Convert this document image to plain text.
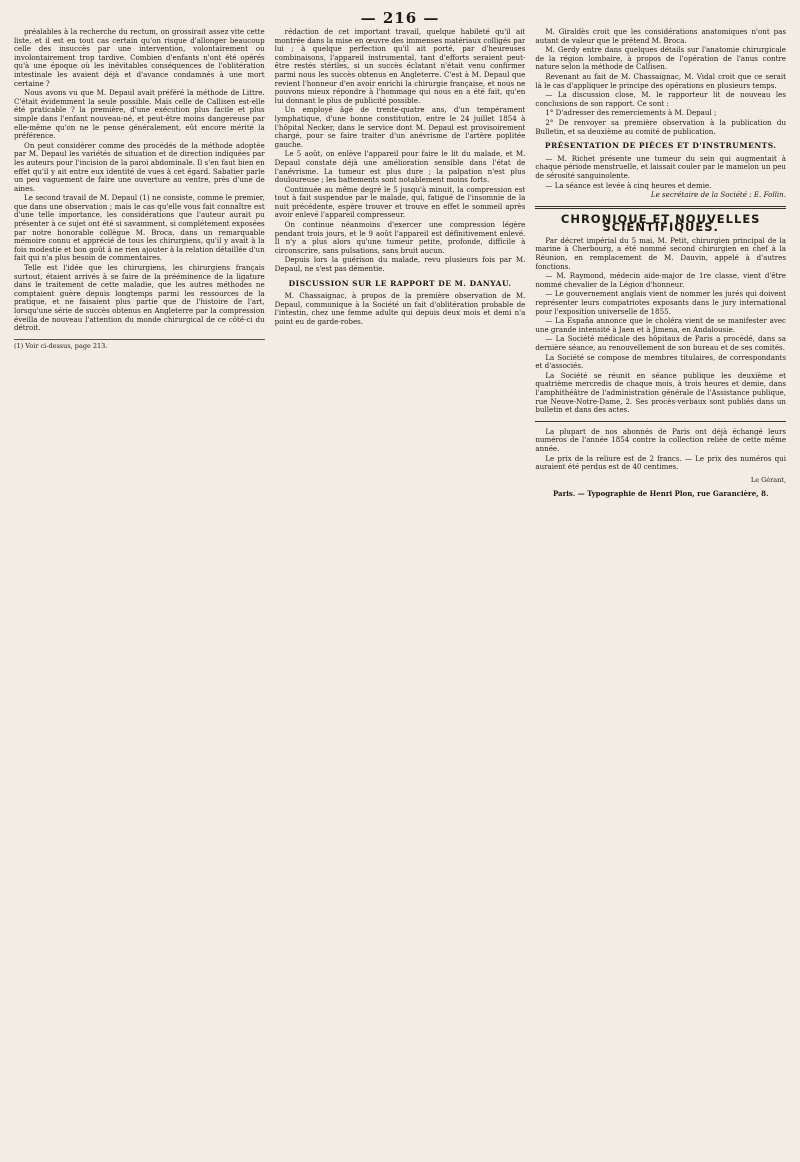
— 216 —

préalables à la recherche du rectum, on grossirait assez vite cette liste, et il est en tout cas certain qu'on risque d'allonger beaucoup celle des insuccès par une intervention, volontairement ou involontairement trop tardive. Combien d'enfants n'ont été opérés qu'à une époque où les inévitables conséquences de l'oblitération intestinale les avaient déjà et d'avance condamnés à une mort certaine ?

Nous avons vu que M. Depaul avait préféré la méthode de Littre. C'était évidemment la seule possible. Mais celle de Callisen est-elle été praticable ? la première, d'une exécution plus facile et plus simple dans l'enfant nouveau-né, et peut-être moins dangereuse par elle-même qu'on ne le pense généralement, eût encore mérité la préférence.

On peut considérer comme des procédés de la méthode adoptée par M. Depaul les variétés de situation et de direction indiquées par les auteurs pour l'incision de la paroi abdominale. Il s'en faut bien en effet qu'il y ait entre eux identité de vues à cet égard. Sabatier parle un peu vaguement de faire une ouverture au ventre, près d'une de aines.

Le second travail de M. Depaul (1) ne consiste, comme le premier, que dans une observation ; mais le cas qu'elle vous fait connaître est d'une telle importance, les considérations que l'auteur aurait pu présenter à ce sujet ont été si savamment, si complétement exposées par notre honorable collègue M. Broca, dans un remarquable mémoire connu et apprécié de tous les chirurgiens, qu'il y avait à la fois modestie et bon goût à ne rien ajouter à la relation détaillée d'un fait qui n'a plus besoin de commentaires.

Telle est l'idée que les chirurgiens, les chirurgiens français surtout, étaient arrivés à se faire de la prééminence de la ligature dans le traitement de cette maladie, que les autres méthodes ne comptaient guère depuis longtemps parmi les ressources de la pratique, et ne faisaient plus partie que de l'histoire de l'art, lorsqu'une série de succès obtenus en Angleterre par la compression éveilla de nouveau l'attention du monde chirurgical de ce côté-ci du détroit.

(1) Voir ci-dessus, page 213.

rédaction de cet important travail, quelque habileté qu'il ait montrée dans la mise en œuvre des immenses matériaux colligés par lui ; à quelque perfection qu'il ait porté, par d'heureuses combinaisons, l'appareil instrumental, tant d'efforts seraient peut-être restés stériles, si un succès éclatant n'était venu confirmer parmi nous les succès obtenus en Angleterre. C'est à M. Depaul que revient l'honneur d'en avoir enrichi la chirurgie française, et nous ne pouvons mieux répondre à l'hommage qui nous en a été fait, qu'en lui donnant le plus de publicité possible.

Un employé âgé de trente-quatre ans, d'un tempérament lymphatique, d'une bonne constitution, entre le 24 juillet 1854 à l'hôpital Necker, dans le service dont M. Depaul est provisoirement chargé, pour se faire traiter d'un anévrisme de l'artère poplitée gauche.

Le 5 août, on enlève l'appareil pour faire le lit du malade, et M. Depaul constate déjà une amélioration sensible dans l'état de l'anévrisme. La tumeur est plus dure ; la palpation n'est plus douloureuse ; les battements sont notablement moins forts.

Continuée au même degré le 5 jusqu'à minuit, la compression est tout à fait suspendue par le malade, qui, fatigué de l'insomnie de la nuit précédente, espère trouver et trouve en effet le sommeil après avoir enlevé l'appareil compresseur.

On continue néanmoins d'exercer une compression légère pendant trois jours, et le 9 août l'appareil est définitivement enlevé. Il n'y a plus alors qu'une tumeur petite, profonde, difficile à circonscrire, sans pulsations, sans bruit aucun.

Depuis lors la guérison du malade, revu plusieurs fois par M. Depaul, ne s'est pas démentie.

DISCUSSION SUR LE RAPPORT DE M. DANYAU.

M. Chassaignac, à propos de la première observation de M. Depaul, communique à la Société un fait d'oblitération probable de l'intestin, chez une femme adulte qui depuis deux mois et demi n'a point eu de garde-robes.

M. Giraldès croit que les considérations anatomiques n'ont pas autant de valeur que le prétend M. Broca.

M. Gerdy entre dans quelques détails sur l'anatomie chirurgicale de la région lombaire, à propos de l'opération de l'anus contre nature selon la méthode de Callisen.

Revenant au fait de M. Chassaignac, M. Vidal croit que ce serait là le cas d'appliquer le principe des opérations en plusieurs temps.

— La discussion close, M. le rapporteur lit de nouveau les conclusions de son rapport. Ce sont :

1° D'adresser des remerciements à M. Depaul ;

2° De renvoyer sa première observation à la publication du Bulletin, et sa deuxième au comité de publication.

PRÉSENTATION DE PIÈCES ET D'INSTRUMENTS.

— M. Richet présente une tumeur du sein qui augmentait à chaque période menstruelle, et laissait couler par le mamelon un peu de sérosité sanguinolente.

— La séance est levée à cinq heures et demie.

Le secrétaire de la Société : E. Follin.

CHRONIQUE ET NOUVELLES SCIENTIFIQUES.

Par décret impérial du 5 mai, M. Petit, chirurgien principal de la marine à Cherbourg, a été nommé second chirurgien en chef à la Réunion, en remplacement de M. Dauvin, appelé à d'autres fonctions.

— M. Raymond, médecin aide-major de 1re classe, vient d'être nommé chevalier de la Légion d'honneur.

— Le gouvernement anglais vient de nommer les jurés qui doivent représenter leurs compatriotes exposants dans le jury international pour l'exposition universelle de 1855.

— La España annonce que le choléra vient de se manifester avec une grande intensité à Jaen et à Jimena, en Andalousie.

— La Société médicale des hôpitaux de Paris a procédé, dans sa dernière séance, au renouvellement de son bureau et de ses comités.

La Société se compose de membres titulaires, de correspondants et d'associés.

La Société se réunit en séance publique les deuxième et quatrième mercredis de chaque mois, à trois heures et demie, dans l'amphithéâtre de l'administration générale de l'Assistance publique, rue Neuve-Notre-Dame, 2. Ses procès-verbaux sont publiés dans un bulletin et dans des actes.

La plupart de nos abonnés de Paris ont déjà échangé leurs numéros de l'année 1854 contre la collection reliée de cette même année.

Le prix de la reliure est de 2 francs. — Le prix des numéros qui auraient été perdus est de 40 centimes.

Le Gérant,

Paris. — Typographie de Henri Plon, rue Garancière, 8.
